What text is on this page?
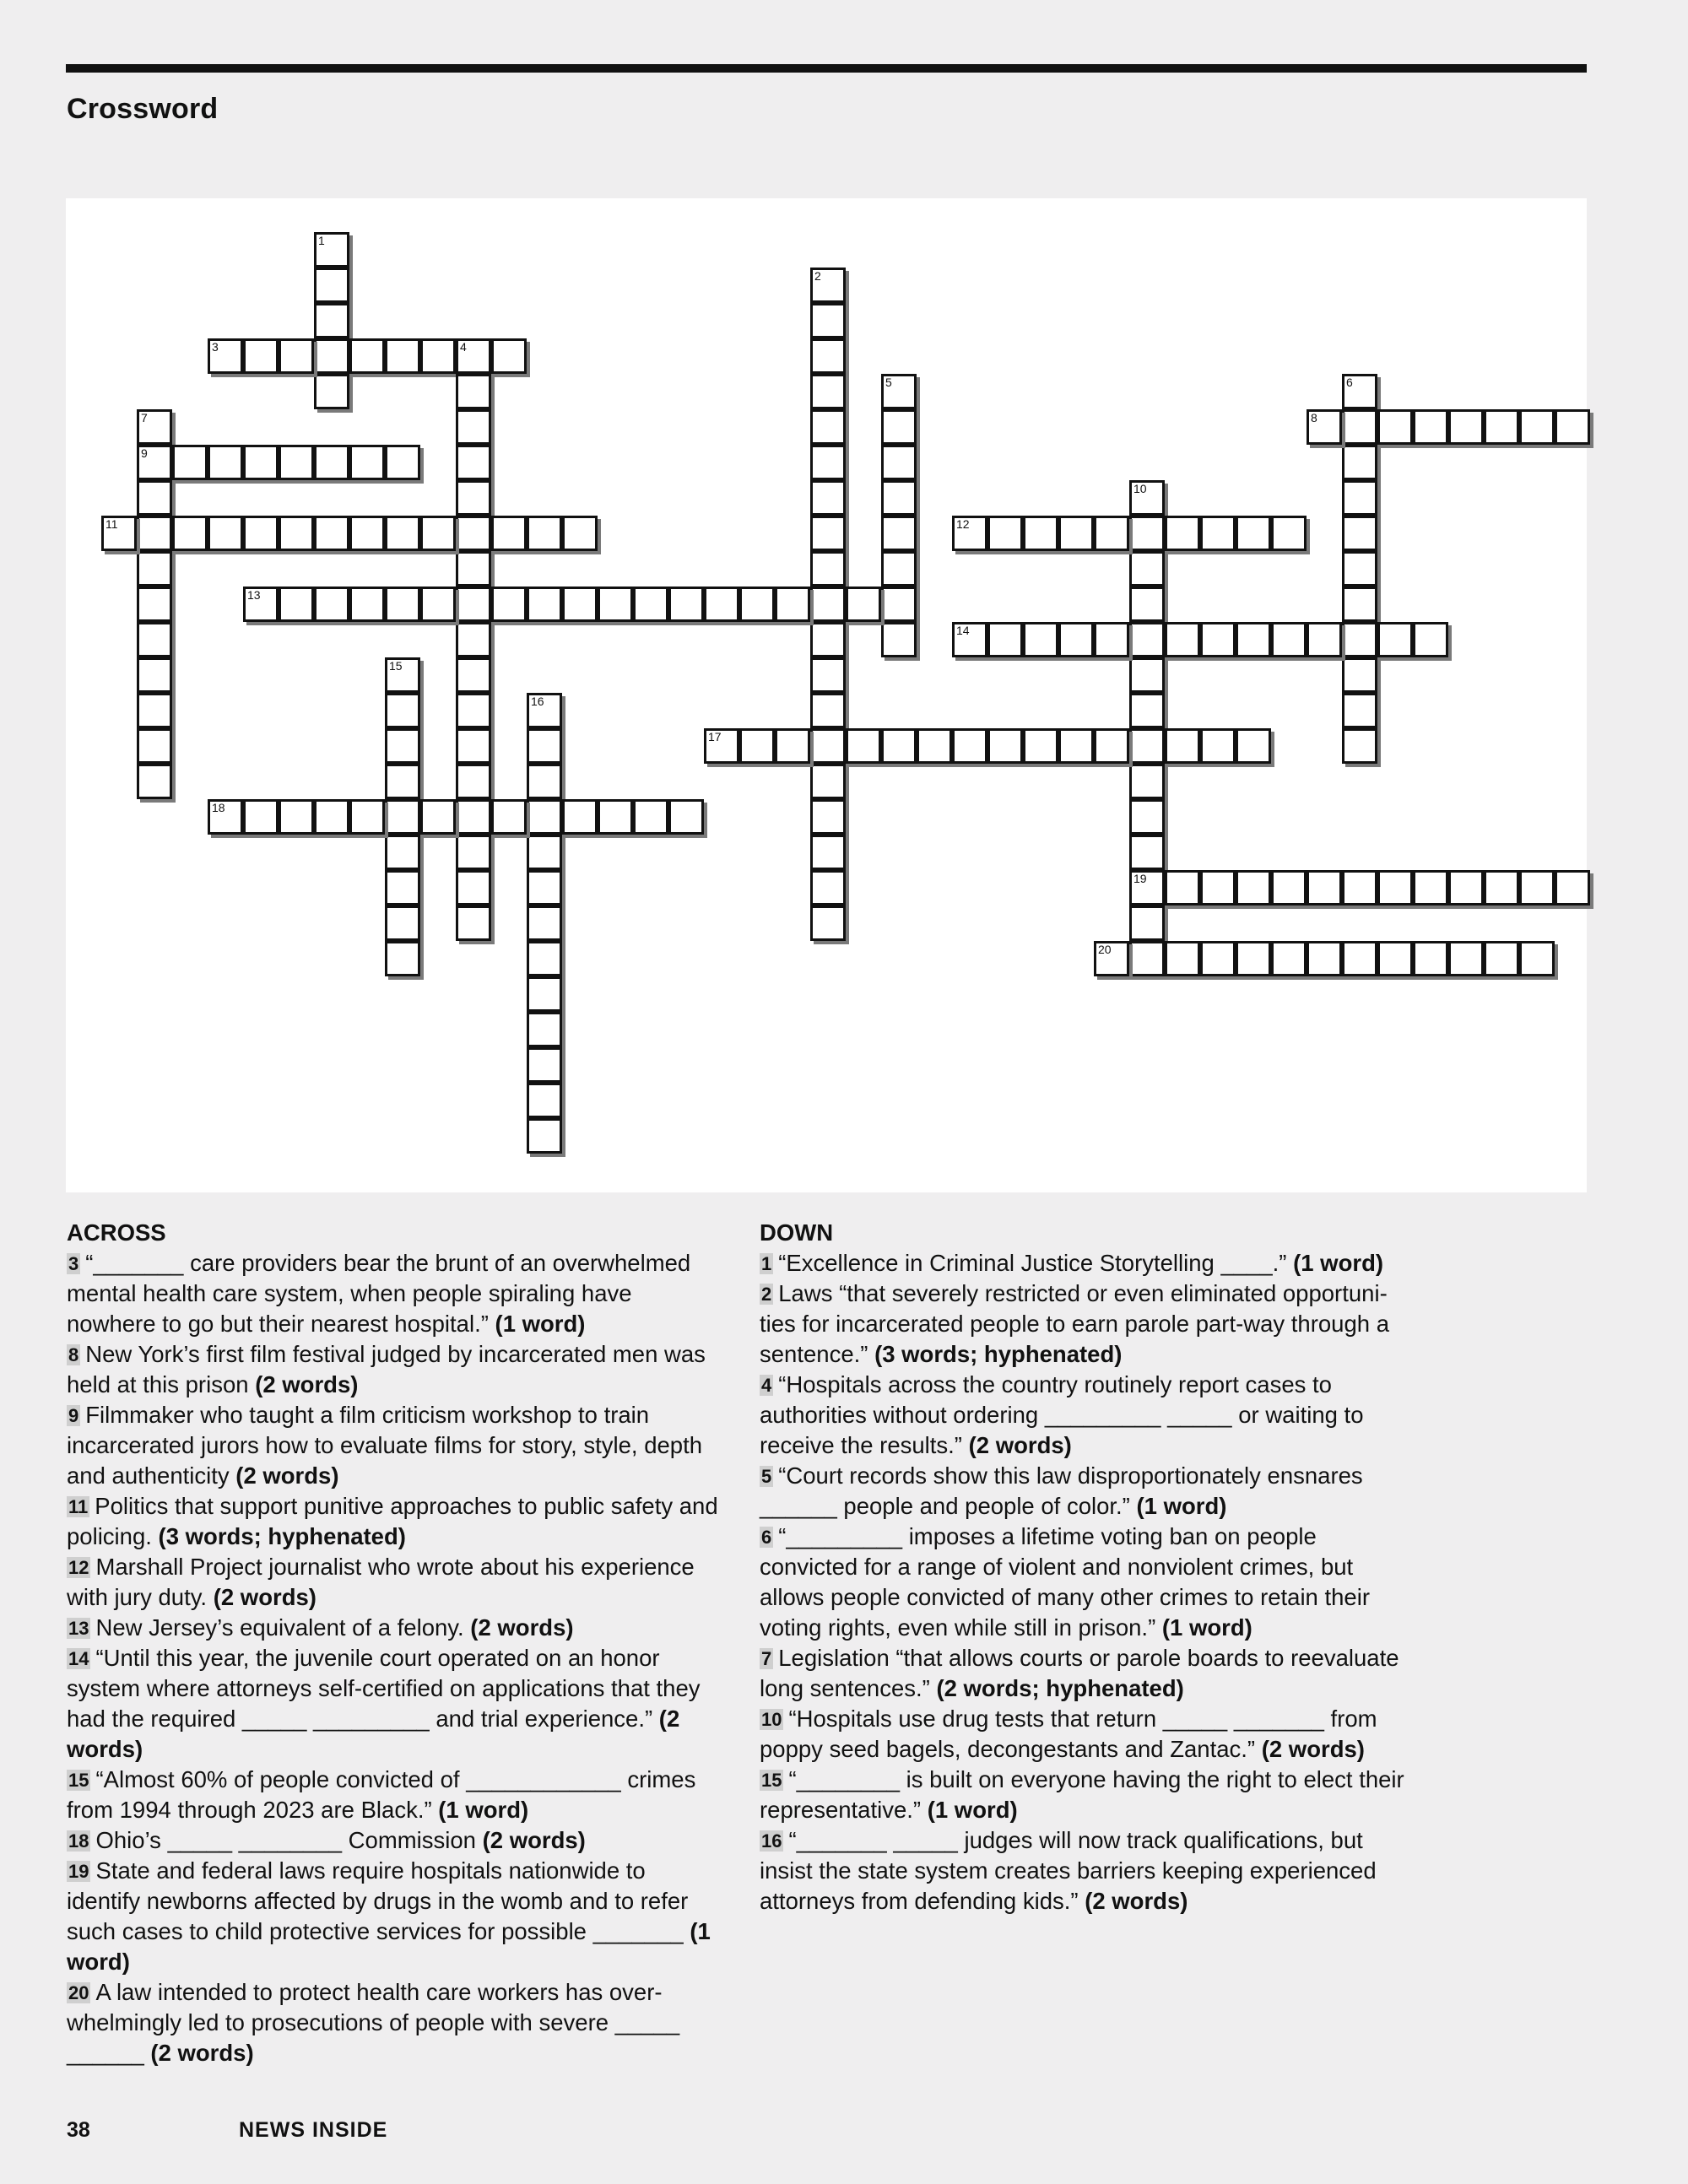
Crossword
1
2
3	4
5	6
7
9
8
10
19
11	12
13
14
15
16
17
18
20
ACROSS
3 “_______ care providers bear the brunt of an overwhelmed mental health care system, when people spiraling have nowhere to go but their nearest hospital.” (1 word)
8 New York’s first film festival judged by incarcerated men was held at this prison (2 words)
9 Filmmaker who taught a film criticism workshop to train incarcerated jurors how to evaluate films for story, style, depth and authenticity (2 words)
11 Politics that support punitive approaches to public safety and policing. (3 words; hyphenated)
12 Marshall Project journalist who wrote about his experience with jury duty. (2 words)
13 New Jersey’s equivalent of a felony. (2 words)
14 “Until this year, the juvenile court operated on an honor system where attorneys self-certified on applications that they had the required _____ _________ and trial experience.” (2 words)
15 “Almost 60% of people convicted of ____________ crimes from 1994 through 2023 are Black.” (1 word)
18 Ohio’s _____ ________ Commission (2 words)
19 State and federal laws require hospitals nationwide to identify newborns affected by drugs in the womb and to refer such cases to child protective services for possible _______ (1 word)
20 A law intended to protect health care workers has overwhelmingly led to prosecutions of people with severe _____ ______ (2 words)
DOWN
1 “Excellence in Criminal Justice Storytelling ____.” (1 word)
2 Laws “that severely restricted or even eliminated opportunities for incarcerated people to earn parole part-way through a sentence.” (3 words; hyphenated)
4 “Hospitals across the country routinely report cases to authorities without ordering _________ _____ or waiting to receive the results.” (2 words)
5 “Court records show this law disproportionately ensnares ______ people and people of color.” (1 word)
6 “_________ imposes a lifetime voting ban on people convicted for a range of violent and nonviolent crimes, but allows people convicted of many other crimes to retain their voting rights, even while still in prison.” (1 word)
7 Legislation “that allows courts or parole boards to reevaluate long sentences.” (2 words; hyphenated)
10 “Hospitals use drug tests that return _____ _______ from poppy seed bagels, decongestants and Zantac.” (2 words)
15 “________ is built on everyone having the right to elect their representative.” (1 word)
16 “_______ _____ judges will now track qualifications, but insist the state system creates barriers keeping experienced attorneys from defending kids.” (2 words)
38	NEWS INSIDE
